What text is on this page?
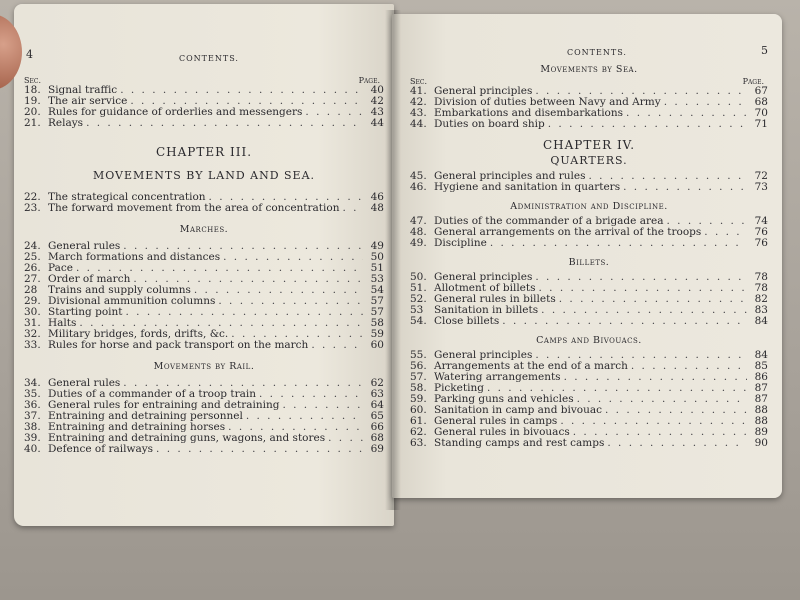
4	CONTENTS.
Sec.	Page.
18. Signal traffic . . .	40
19. The air service . . .	42
20. Rules for guidance of orderlies and messengers . . .	43
21. Relays . . .	44
CHAPTER III.
MOVEMENTS BY LAND AND SEA.
22. The strategical concentration . . .	46
23. The forward movement from the area of concentration . . .	48
Marches.
24. General rules . . .	49
25. March formations and distances . . .	50
26. Pace . . .	51
27. Order of march . . .	53
28	Trains and supply columns . . .	54
29. Divisional ammunition columns . . .	57
30. Starting point . . .	57
31. Halts . . .	58
32. Military bridges, fords, drifts, &c. . . .	59
33. Rules for horse and pack transport on the march . . .	60
Movements by Rail.
34. General rules . . .	62
35. Duties of a commander of a troop train . . .	63
36. General rules for entraining and detraining . . .	64
37. Entraining and detraining personnel . . .	65
38. Entraining and detraining horses . . .	66
39. Entraining and detraining guns, wagons, and stores . . .	68
40. Defence of railways . . .	69
CONTENTS.	5
Movements by Sea.
Sec.	Page.
41. General principles . . .	67
42. Division of duties between Navy and Army . . .	68
43. Embarkations and disembarkations . . .	70
44. Duties on board ship . . .	71
CHAPTER IV.
QUARTERS.
45. General principles and rules . . .	72
46. Hygiene and sanitation in quarters . . .	73
Administration and Discipline.
47. Duties of the commander of a brigade area . . .	74
48. General arrangements on the arrival of the troops . . .	76
49. Discipline . . .	76
Billets.
50. General principles . . .	78
51. Allotment of billets . . .	78
52. General rules in billets . . .	82
53	Sanitation in billets . . .	83
54. Close billets . . .	84
Camps and Bivouacs.
55. General principles . . .	84
56. Arrangements at the end of a march . . .	85
57. Watering arrangements . . .	86
58. Picketing . . .	87
59. Parking guns and vehicles . . .	87
60. Sanitation in camp and bivouac . . .	88
61. General rules in camps . . .	88
62. General rules in bivouacs . . .	89
63. Standing camps and rest camps . . .	90
